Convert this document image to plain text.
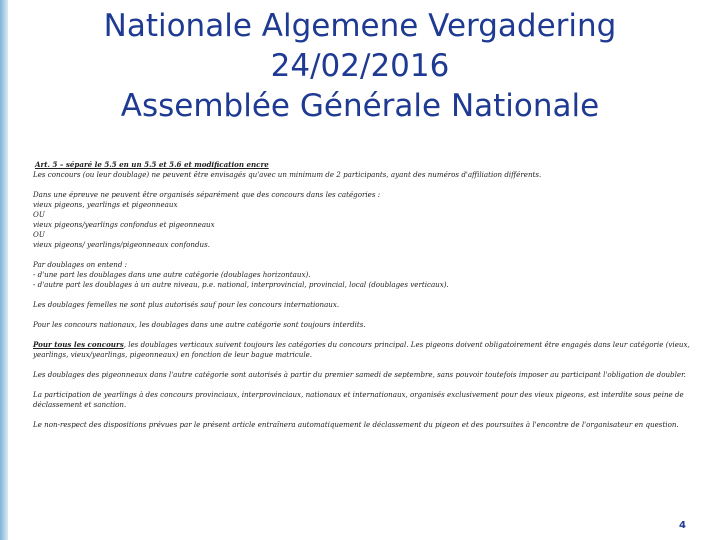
Nationale Algemene Vergadering
24/02/2016
Assemblée Générale Nationale

Art. 5 – séparé le 5.5 en un 5.5 et 5.6 et modification encre

Les concours (ou leur doublage) ne peuvent être envisagés qu'avec un minimum de 2 participants, ayant des numéros d'affiliation différents.

Dans une épreuve ne peuvent être organisés séparément que des concours dans les catégories :

vieux pigeons, yearlings et pigeonneaux

OU

vieux pigeons/yearlings confondus et pigeonneaux

OU

vieux pigeons/ yearlings/pigeonneaux confondus.

Par doublages on entend :

- d'une part les doublages dans une autre catégorie (doublages horizontaux).

- d'autre part les doublages à un autre niveau, p.e. national, interprovincial, provincial, local (doublages verticaux).

Les doublages femelles ne sont plus autorisés sauf pour les concours internationaux.

Pour les concours nationaux, les doublages dans une autre catégorie sont toujours interdits.

Pour tous les concours, les doublages verticaux suivent toujours les catégories du concours principal. Les pigeons doivent obligatoirement être engagés dans leur catégorie (vieux, yearlings, vieux/yearlings, pigeonneaux) en fonction de leur bague matricule.

Les doublages des pigeonneaux dans l'autre catégorie sont autorisés à partir du premier samedi de septembre, sans pouvoir toutefois imposer au participant l'obligation de doubler.

La participation de yearlings à des concours provinciaux, interprovinciaux, nationaux et internationaux, organisés exclusivement pour des vieux pigeons, est interdite sous peine de déclassement et sanction.

Le non-respect des dispositions prévues par le présent article entraînera automatiquement le déclassement du pigeon et des poursuites à l'encontre de l'organisateur en question.

4
